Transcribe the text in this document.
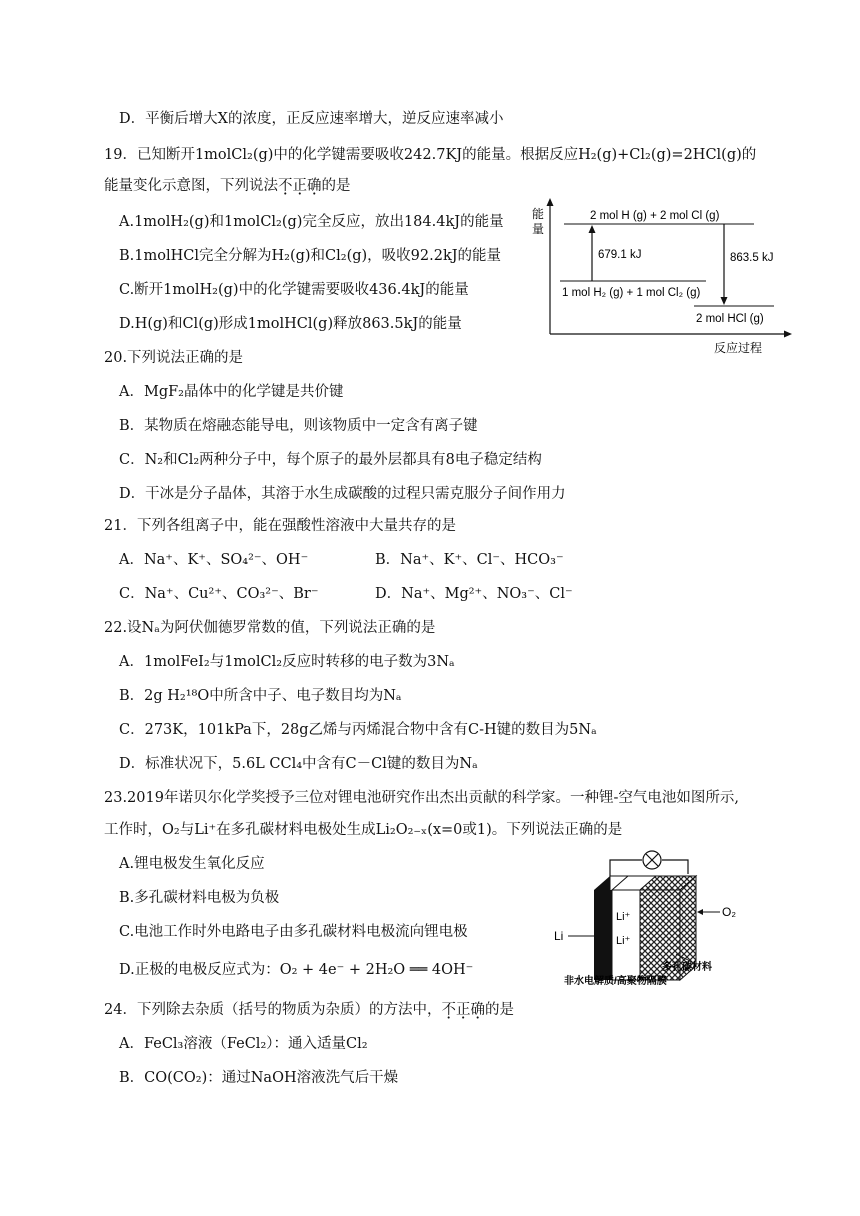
D．平衡后增大X的浓度，正反应速率增大，逆反应速率减小
19．已知断开1molCl₂(g)中的化学键需要吸收242.7KJ的能量。根据反应H₂(g)+Cl₂(g)=2HCl(g)的
能量变化示意图，下列说法不正确的是
A.1molH₂(g)和1molCl₂(g)完全反应，放出184.4kJ的能量
B.1molHCl完全分解为H₂(g)和Cl₂(g)，吸收92.2kJ的能量
C.断开1molH₂(g)中的化学键需要吸收436.4kJ的能量
D.H(g)和Cl(g)形成1molHCl(g)释放863.5kJ的能量
能
量
反应过程
2 mol H (g) + 2 mol Cl (g)
1 mol H₂ (g) + 1 mol Cl₂ (g)
2 mol HCl (g)
679.1 kJ	863.5 kJ
20.下列说法正确的是
A．MgF₂晶体中的化学键是共价键
B．某物质在熔融态能导电，则该物质中一定含有离子键
C．N₂和Cl₂两种分子中，每个原子的最外层都具有8电子稳定结构
D．干冰是分子晶体，其溶于水生成碳酸的过程只需克服分子间作用力
21．下列各组离子中，能在强酸性溶液中大量共存的是
A．Na⁺、K⁺、SO₄²⁻、OH⁻	B．Na⁺、K⁺、Cl⁻、HCO₃⁻
C．Na⁺、Cu²⁺、CO₃²⁻、Br⁻	D．Na⁺、Mg²⁺、NO₃⁻、Cl⁻
22.设Nₐ为阿伏伽德罗常数的值，下列说法正确的是
A．1molFeI₂与1molCl₂反应时转移的电子数为3Nₐ
B．2g H₂¹⁸O中所含中子、电子数目均为Nₐ
C．273K，101kPa下，28g乙烯与丙烯混合物中含有C-H键的数目为5Nₐ
D．标准状况下，5.6L CCl₄中含有C－Cl键的数目为Nₐ
23.2019年诺贝尔化学奖授予三位对锂电池研究作出杰出贡献的科学家。一种锂-空气电池如图所示,
工作时，O₂与Li⁺在多孔碳材料电极处生成Li₂O₂₋ₓ(x=0或1)。下列说法正确的是
A.锂电极发生氧化反应
B.多孔碳材料电极为负极
C.电池工作时外电路电子由多孔碳材料电极流向锂电极
D.正极的电极反应式为：O₂ + 4e⁻ + 2H₂O ══ 4OH⁻
Li⁺
Li⁺
Li
O₂
多孔碳材料
非水电解质/高聚物隔膜
24．下列除去杂质（括号的物质为杂质）的方法中，不正确的是
A．FeCl₃溶液（FeCl₂）：通入适量Cl₂
B．CO(CO₂)：通过NaOH溶液洗气后干燥
